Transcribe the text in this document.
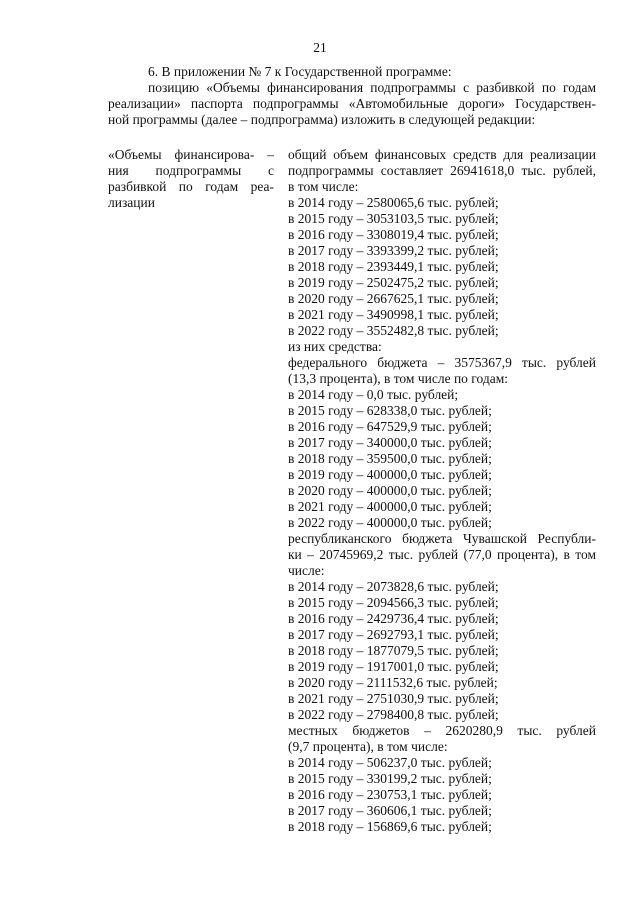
21

6. В приложении № 7 к Государственной программе:

позицию «Объемы финансирования подпрограммы с разбивкой по годам
реализации» паспорта подпрограммы «Автомобильные дороги» Государствен-
ной программы (далее – подпрограмма) изложить в следующей редакции:

«Объемы финансирова- –
ния подпрограммы с
разбивкой по годам реа-
лизации
общий объем финансовых средств для реализации
подпрограммы составляет 26941618,0 тыс. рублей,
в том числе:
в 2014 году – 2580065,6 тыс. рублей;
в 2015 году – 3053103,5 тыс. рублей;
в 2016 году – 3308019,4 тыс. рублей;
в 2017 году – 3393399,2 тыс. рублей;
в 2018 году – 2393449,1 тыс. рублей;
в 2019 году – 2502475,2 тыс. рублей;
в 2020 году – 2667625,1 тыс. рублей;
в 2021 году – 3490998,1 тыс. рублей;
в 2022 году – 3552482,8 тыс. рублей;
из них средства:
федерального бюджета – 3575367,9 тыс. рублей
(13,3 процента), в том числе по годам:
в 2014 году – 0,0 тыс. рублей;
в 2015 году – 628338,0 тыс. рублей;
в 2016 году – 647529,9 тыс. рублей;
в 2017 году – 340000,0 тыс. рублей;
в 2018 году – 359500,0 тыс. рублей;
в 2019 году – 400000,0 тыс. рублей;
в 2020 году – 400000,0 тыс. рублей;
в 2021 году – 400000,0 тыс. рублей;
в 2022 году – 400000,0 тыс. рублей;
республиканского бюджета Чувашской Республи-
ки – 20745969,2 тыс. рублей (77,0 процента), в том
числе:
в 2014 году – 2073828,6 тыс. рублей;
в 2015 году – 2094566,3 тыс. рублей;
в 2016 году – 2429736,4 тыс. рублей;
в 2017 году – 2692793,1 тыс. рублей;
в 2018 году – 1877079,5 тыс. рублей;
в 2019 году – 1917001,0 тыс. рублей;
в 2020 году – 2111532,6 тыс. рублей;
в 2021 году – 2751030,9 тыс. рублей;
в 2022 году – 2798400,8 тыс. рублей;
местных бюджетов – 2620280,9 тыс. рублей
(9,7 процента), в том числе:
в 2014 году – 506237,0 тыс. рублей;
в 2015 году – 330199,2 тыс. рублей;
в 2016 году – 230753,1 тыс. рублей;
в 2017 году – 360606,1 тыс. рублей;
в 2018 году – 156869,6 тыс. рублей;
